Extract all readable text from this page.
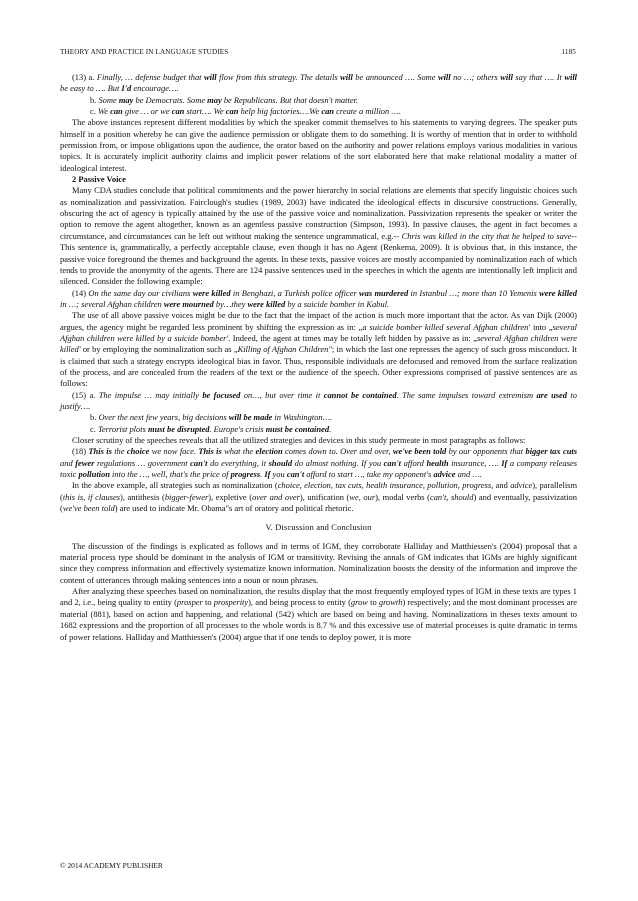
THEORY AND PRACTICE IN LANGUAGE STUDIES	1185

(13) a. Finally, … defense budget that will flow from this strategy. The details will be announced …. Some will no …; others will say that …. It will be easy to …. But I'd encourage….

b. Some may be Democrats. Some may be Republicans. But that doesn't matter.

c. We can give … or we can start…. We can help big factories….We can create a million ….

The above instances represent different modalities by which the speaker commit themselves to his statements to varying degrees. The speaker puts himself in a position whereby he can give the audience permission or obligate them to do something. It is worthy of mention that in order to withhold permission from, or impose obligations upon the audience, the orator based on the authority and power relations employs various modalities in various topics. It is accurately implicit authority claims and implicit power relations of the sort elaborated here that make relational modality a matter of ideological interest.

2 Passive Voice

Many CDA studies conclude that political commitments and the power hierarchy in social relations are elements that specify linguistic choices such as nominalization and passivization. Fairclough's studies (1989, 2003) have indicated the ideological effects in discursive constructions. Generally, obscuring the act of agency is typically attained by the use of the passive voice and nominalization. Passivization represents the speaker or writer the option to remove the agent altogether, known as an agentless passive construction (Simpson, 1993). In passive clauses, the agent in fact becomes a circumstance, and circumstances can be left out without making the sentence ungrammatical, e.g.-- Chris was killed in the city that he helped to save-- This sentence is, grammatically, a perfectly acceptable clause, even though it has no Agent (Renkema, 2009). It is obvious that, in this instance, the passive voice foreground the themes and background the agents. In these texts, passive voices are mostly accompanied by nominalization each of which tends to provide the anonymity of the agents. There are 124 passive sentences used in the speeches in which the agents are intentionally left implicit and silenced. Consider the following example:

(14) On the same day our civilians were killed in Benghazi, a Turkish police officer was murdered in Istanbul …; more than 10 Yemenis were killed in …; several Afghan children were mourned by…they were killed by a suicide bomber in Kabul.

The use of all above passive voices might be due to the fact that the impact of the action is much more important that the actor. As van Dijk (2000) argues, the agency might be regarded less prominent by shifting the expression as in: „a suicide bomber killed several Afghan children' into „several Afghan children were killed by a suicide bomber'. Indeed, the agent at times may be totally left hidden by passive as in: „several Afghan children were killed' or by employing the nominalization such as „Killing of Afghan Children"; in which the last one represses the agency of such gross misconduct. It is claimed that such a strategy encrypts ideological bias in favor. Thus, responsible individuals are defocused and removed from the surface realization of the process, and are concealed from the readers of the text or the audience of the speech. Other expressions comprised of passive sentences are as follows:

(15) a. The impulse … may initially be focused on…, but over time it cannot be contained. The same impulses toward extremism are used to justify….

b. Over the next few years, big decisions will be made in Washington….

c. Terrorist plots must be disrupted. Europe's crisis must be contained.

Closer scrutiny of the speeches reveals that all the utilized strategies and devices in this study permeate in most paragraphs as follows:

(18) This is the choice we now face. This is what the election comes down to. Over and over, we've been told by our opponents that bigger tax cuts and fewer regulations … government can't do everything, it should do almost nothing. If you can't afford health insurance, …. If a company releases toxic pollution into the …, well, that's the price of progress. If you can't afford to start …, take my opponent's advice and ….

In the above example, all strategies such as nominalization (choice, election, tax cuts, health insurance, pollution, progress, and advice), parallelism (this is, if clauses), antithesis (bigger-fewer), expletive (over and over), unification (we, our), modal verbs (can't, should) and eventually, passivization (we've been told) are used to indicate Mr. Obama"s art of oratory and political rhetoric.

V. Discussion and Conclusion

The discussion of the findings is explicated as follows and in terms of IGM, they corroborate Halliday and Matthiessen's (2004) proposal that a material process type should be dominant in the analysis of IGM or transitivity. Revising the annals of GM indicates that IGMs are highly significant since they compress information and effectively systematize known information. Nominalization boosts the density of the information and improve the content of utterances through making sentences into a noun or noun phrases.

After analyzing these speeches based on nominalization, the results display that the most frequently employed types of IGM in these texts are types 1 and 2, i.e., being quality to entity (prosper to prosperity), and being process to entity (grow to growth) respectively; and the most dominant processes are material (881), based on action and happening, and relational (542) which are based on being and having. Nominalizations in theses texts amount to 1682 expressions and the proportion of all processes to the whole words is 8.7 % and this excessive use of material processes is quite dramatic in terms of power relations. Halliday and Matthiessen's (2004) argue that if one tends to deploy power, it is more

© 2014 ACADEMY PUBLISHER
